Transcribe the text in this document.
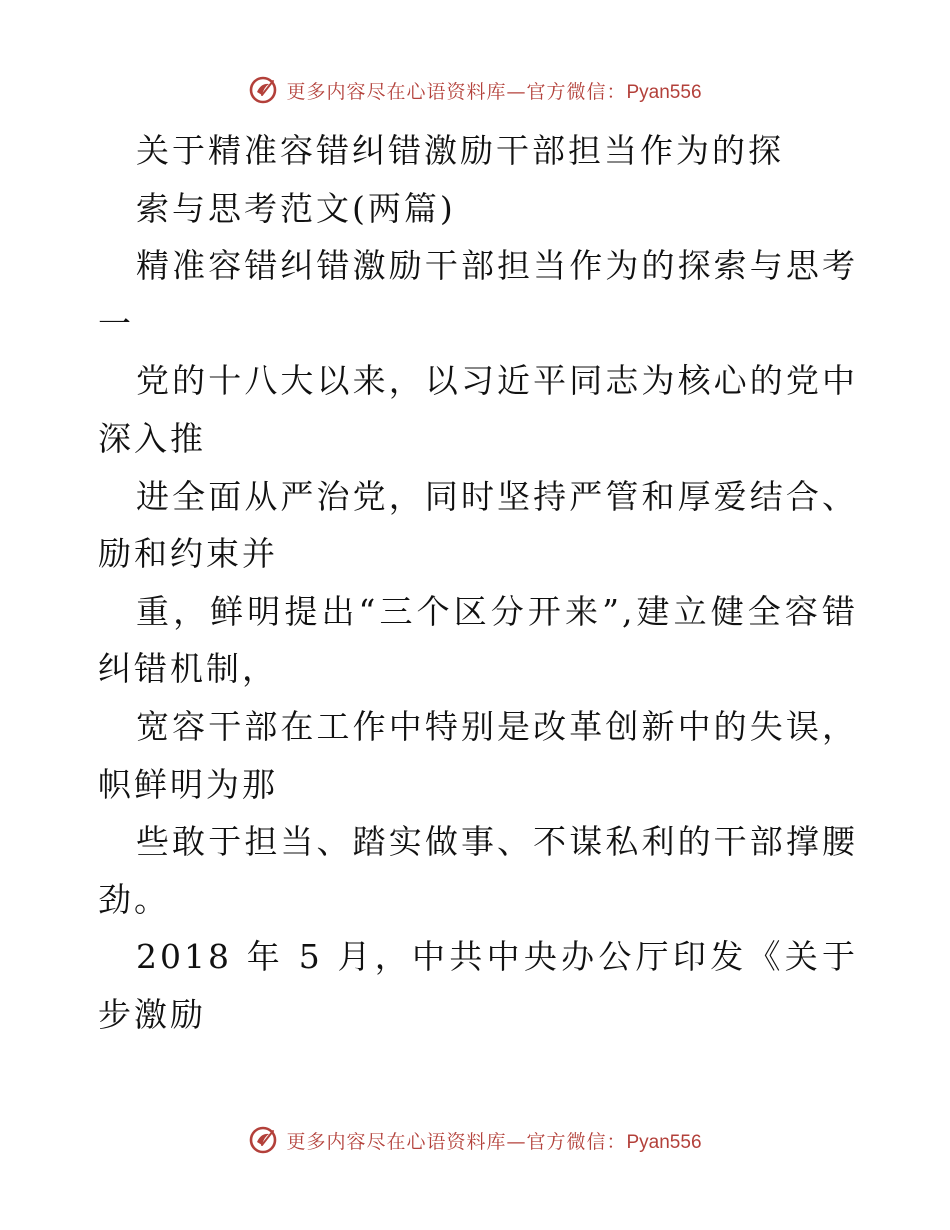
更多内容尽在心语资料库—官方微信：Pyan556
关于精准容错纠错激励干部担当作为的探
索与思考范文(两篇)
精准容错纠错激励干部担当作为的探索与思考
一
党的十八大以来，以习近平同志为核心的党中
深入推
进全面从严治党，同时坚持严管和厚爱结合、
励和约束并
重，鲜明提出“三个区分开来”,建立健全容错
纠错机制，
宽容干部在工作中特别是改革创新中的失误，
帜鲜明为那
些敢于担当、踏实做事、不谋私利的干部撑腰
劲。
2018 年 5 月，中共中央办公厅印发《关于
步激励
更多内容尽在心语资料库—官方微信：Pyan556
